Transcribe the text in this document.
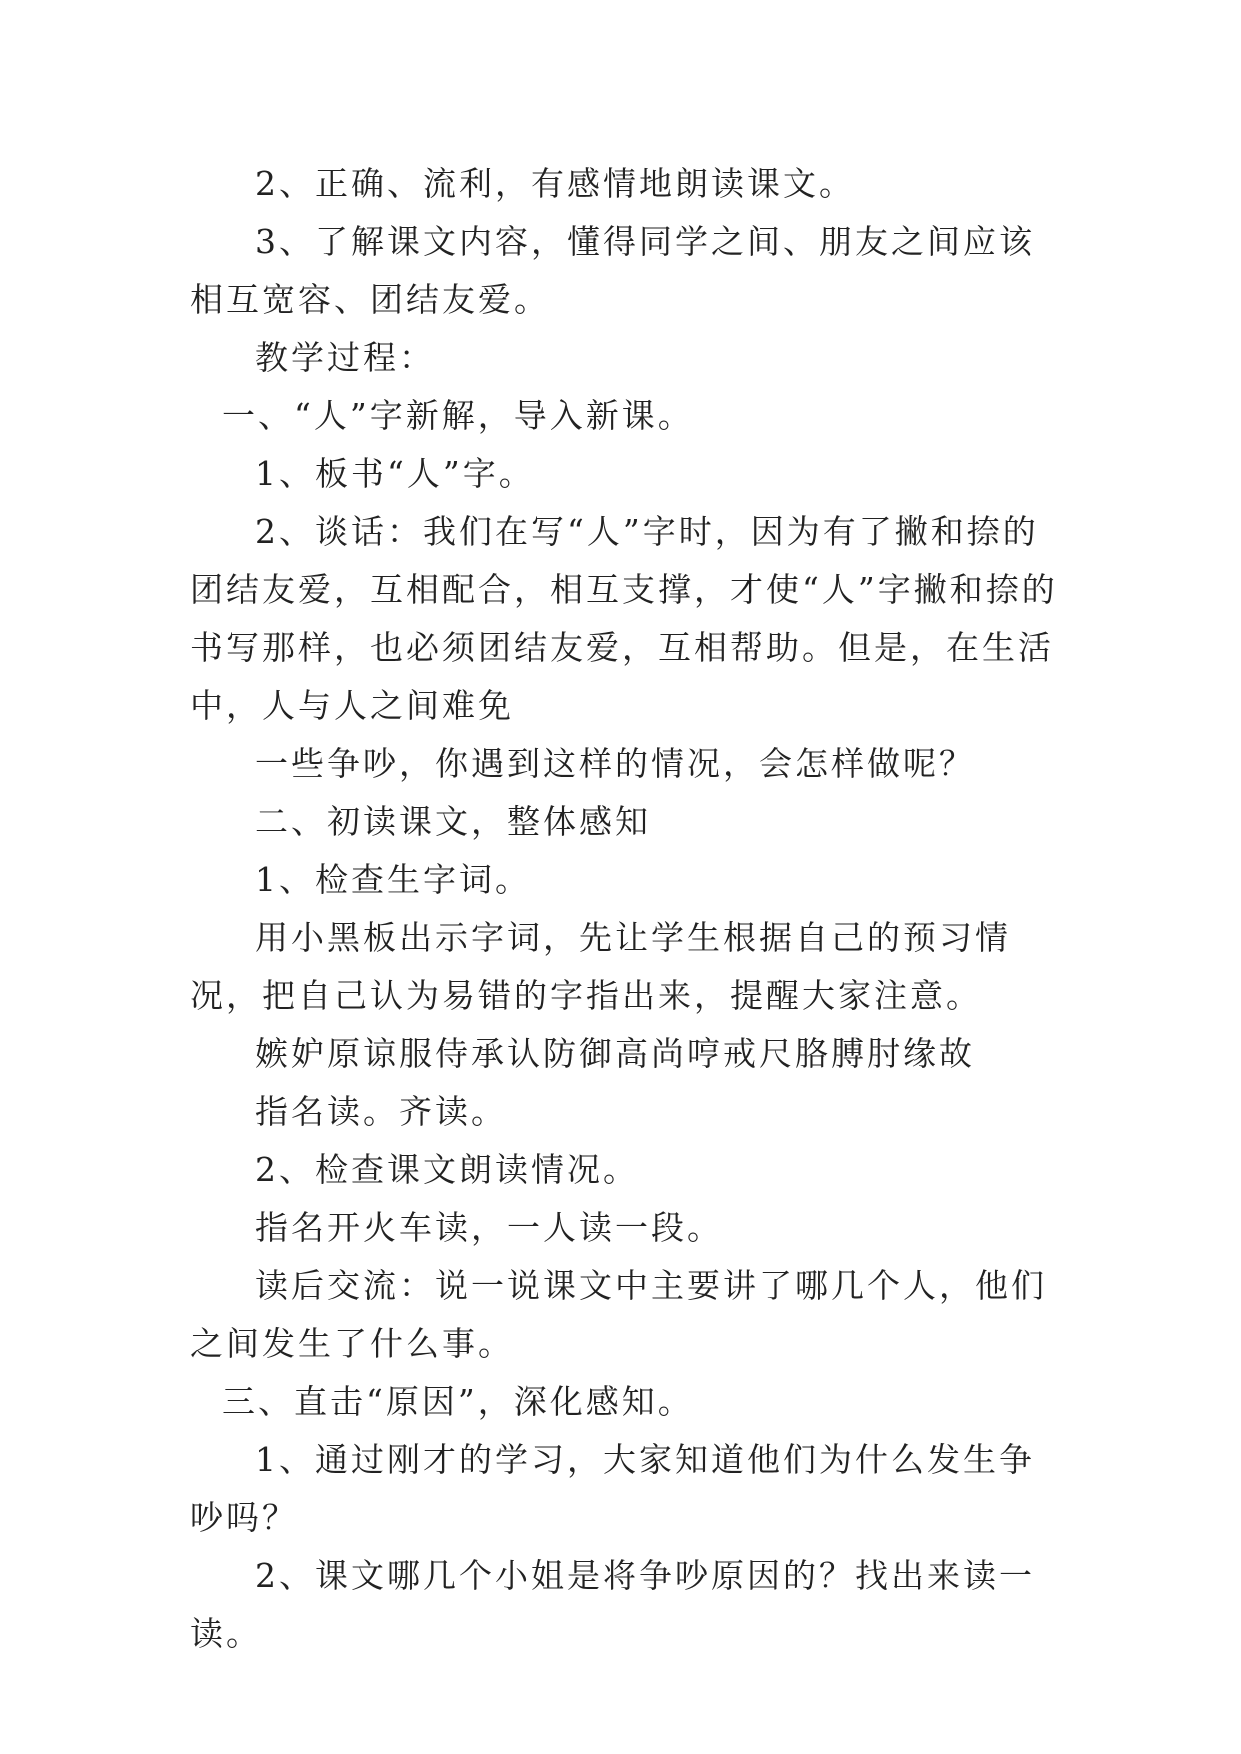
2、正确、流利，有感情地朗读课文。

3、了解课文内容，懂得同学之间、朋友之间应该相互宽容、团结友爱。

教学过程：

一、“人”字新解，导入新课。

1、板书“人”字。

2、谈话：我们在写“人”字时，因为有了撇和捺的团结友爱，互相配合，相互支撑，才使“人”字撇和捺的书写那样，也必须团结友爱，互相帮助。但是，在生活中，人与人之间难免

一些争吵，你遇到这样的情况，会怎样做呢？

二、初读课文，整体感知

1、检查生字词。

用小黑板出示字词，先让学生根据自己的预习情况，把自己认为易错的字指出来，提醒大家注意。

嫉妒原谅服侍承认防御高尚哼戒尺胳膊肘缘故

指名读。齐读。

2、检查课文朗读情况。

指名开火车读，一人读一段。

读后交流：说一说课文中主要讲了哪几个人，他们之间发生了什么事。

三、直击“原因”，深化感知。

1、通过刚才的学习，大家知道他们为什么发生争吵吗？

2、课文哪几个小姐是将争吵原因的？找出来读一读。
